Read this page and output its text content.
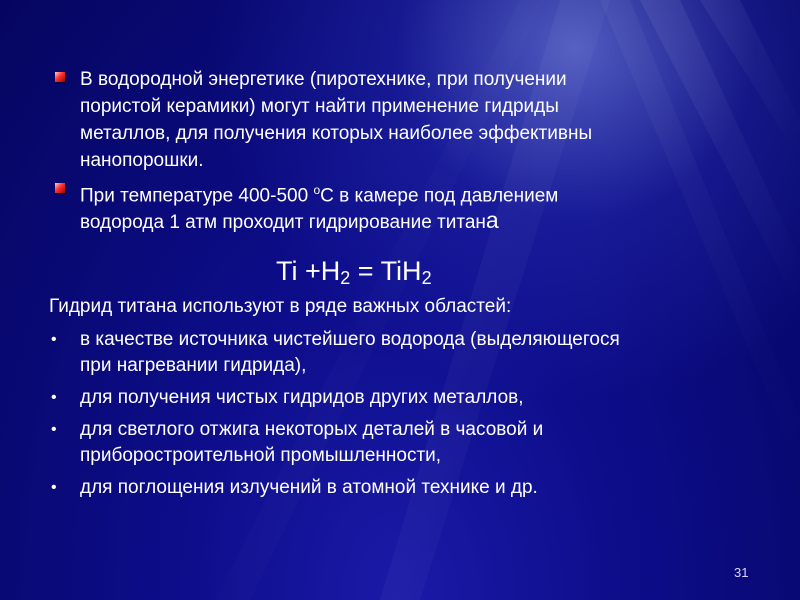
В водородной энергетике (пиротехнике, при получении
пористой керамики) могут найти применение гидриды
металлов, для получения которых наиболее эффективны
нанопорошки.
При температуре 400-500 $^о$С в камере под давлением
водорода 1 атм проходит гидрирование титана
$Ti +H_2 = TiH_2$
Гидрид титана используют в ряде важных областей:
• в качестве источника чистейшего водорода (выделяющегося
при нагревании гидрида),
• для получения чистых гидридов других металлов,
• для светлого отжига некоторых деталей в часовой и
приборостроительной промышленности,
• для поглощения излучений в атомной технике и др.
31
